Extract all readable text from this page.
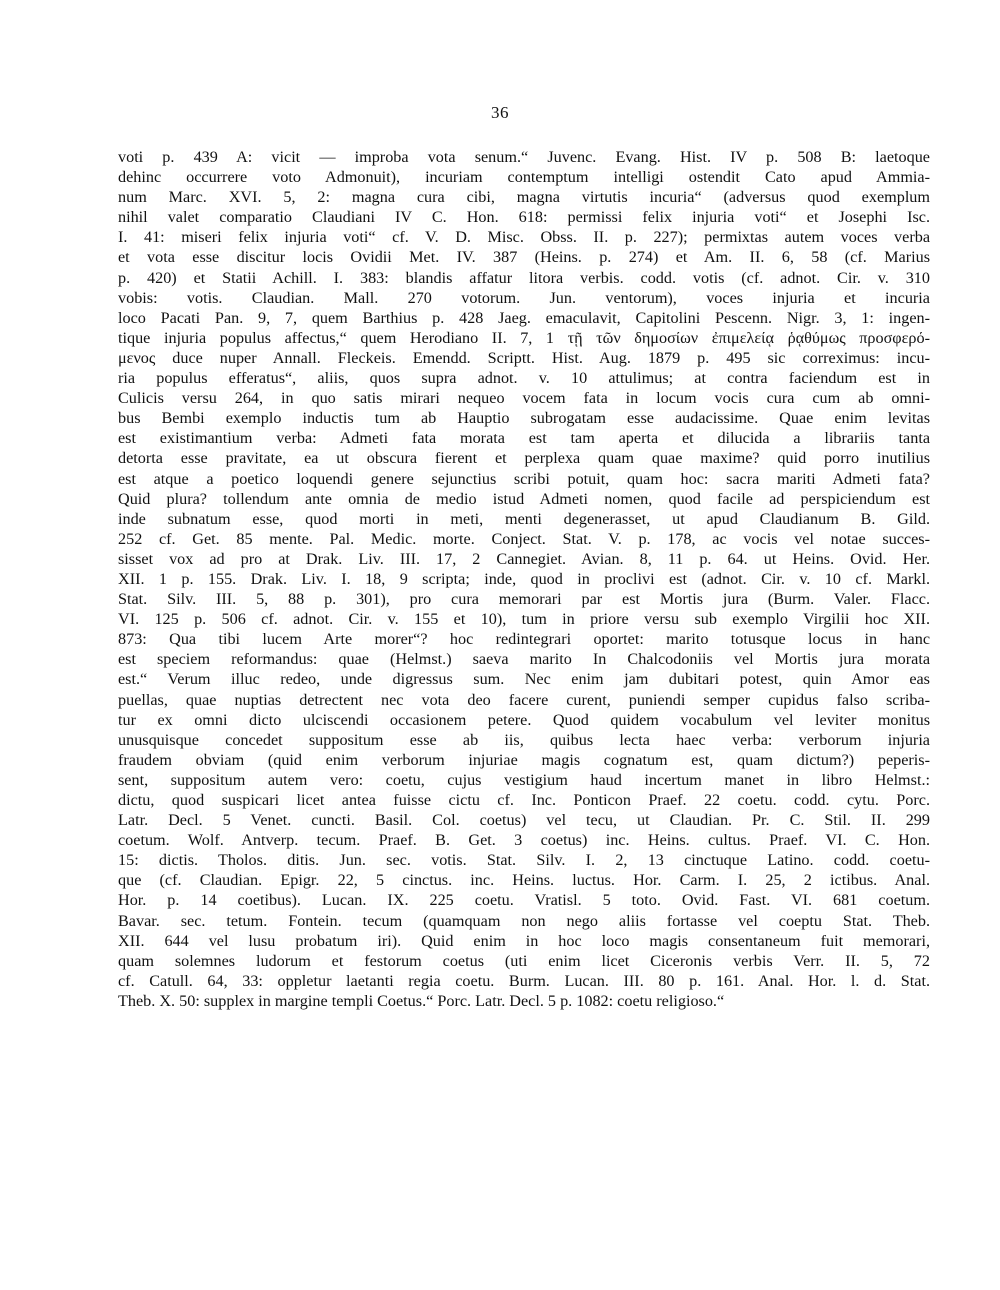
36
voti p. 439 A: vicit — improba vota senum.“ Juvenc. Evang. Hist. IV p. 508 B: laetoque
dehinc occurrere voto Admonuit), incuriam contemptum intelligi ostendit Cato apud Ammia-
num Marc. XVI. 5, 2: magna cura cibi, magna virtutis incuria“ (adversus quod exemplum
nihil valet comparatio Claudiani IV C. Hon. 618: permissi felix injuria voti“ et Josephi Isc.
I. 41: miseri felix injuria voti“ cf. V. D. Misc. Obss. II. p. 227); permixtas autem voces verba
et vota esse discitur locis Ovidii Met. IV. 387 (Heins. p. 274) et Am. II. 6, 58 (cf. Marius
p. 420) et Statii Achill. I. 383: blandis affatur litora verbis. codd. votis (cf. adnot. Cir. v. 310
vobis: votis. Claudian. Mall. 270 votorum. Jun. ventorum), voces injuria et incuria
loco Pacati Pan. 9, 7, quem Barthius p. 428 Jaeg. emaculavit, Capitolini Pescenn. Nigr. 3, 1: ingen-
tique injuria populus affectus,“ quem Herodiano II. 7, 1 τῇ τῶν δημοσίων ἐπιμελείᾳ ῥᾳθύμως προσφερό-
μενος duce nuper Annall. Fleckeis. Emendd. Scriptt. Hist. Aug. 1879 p. 495 sic correximus: incu-
ria populus efferatus“, aliis, quos supra adnot. v. 10 attulimus; at contra faciendum est in
Culicis versu 264, in quo satis mirari nequeo vocem fata in locum vocis cura cum ab omni-
bus Bembi exemplo inductis tum ab Hauptio subrogatam esse audacissime. Quae enim levitas
est existimantium verba: Admeti fata morata est tam aperta et dilucida a librariis tanta
detorta esse pravitate, ea ut obscura fierent et perplexa quam quae maxime? quid porro inutilius
est atque a poetico loquendi genere sejunctius scribi potuit, quam hoc: sacra mariti Admeti fata?
Quid plura? tollendum ante omnia de medio istud Admeti nomen, quod facile ad perspiciendum est
inde subnatum esse, quod morti in meti, menti degenerasset, ut apud Claudianum B. Gild.
252 cf. Get. 85 mente. Pal. Medic. morte. Conject. Stat. V. p. 178, ac vocis vel notae succes-
sisset vox ad pro at Drak. Liv. III. 17, 2 Cannegiet. Avian. 8, 11 p. 64. ut Heins. Ovid. Her.
XII. 1 p. 155. Drak. Liv. I. 18, 9 scripta; inde, quod in proclivi est (adnot. Cir. v. 10 cf. Markl.
Stat. Silv. III. 5, 88 p. 301), pro cura memorari par est Mortis jura (Burm. Valer. Flacc.
VI. 125 p. 506 cf. adnot. Cir. v. 155 et 10), tum in priore versu sub exemplo Virgilii hoc XII.
873: Qua tibi lucem Arte morer“? hoc redintegrari oportet: marito totusque locus in hanc
est speciem reformandus: quae (Helmst.) saeva marito In Chalcodoniis vel Mortis jura morata
est.“ Verum illuc redeo, unde digressus sum. Nec enim jam dubitari potest, quin Amor eas
puellas, quae nuptias detrectent nec vota deo facere curent, puniendi semper cupidus falso scriba-
tur ex omni dicto ulciscendi occasionem petere. Quod quidem vocabulum vel leviter monitus
unusquisque concedet suppositum esse ab iis, quibus lecta haec verba: verborum injuria
fraudem obviam (quid enim verborum injuriae magis cognatum est, quam dictum?) peperis-
sent, suppositum autem vero: coetu, cujus vestigium haud incertum manet in libro Helmst.:
dictu, quod suspicari licet antea fuisse cictu cf. Inc. Ponticon Praef. 22 coetu. codd. cytu. Porc.
Latr. Decl. 5 Venet. cuncti. Basil. Col. coetus) vel tecu, ut Claudian. Pr. C. Stil. II. 299
coetum. Wolf. Antverp. tecum. Praef. B. Get. 3 coetus) inc. Heins. cultus. Praef. VI. C. Hon.
15: dictis. Tholos. ditis. Jun. sec. votis. Stat. Silv. I. 2, 13 cinctuque Latino. codd. coetu-
que (cf. Claudian. Epigr. 22, 5 cinctus. inc. Heins. luctus. Hor. Carm. I. 25, 2 ictibus. Anal.
Hor. p. 14 coetibus). Lucan. IX. 225 coetu. Vratisl. 5 toto. Ovid. Fast. VI. 681 coetum.
Bavar. sec. tetum. Fontein. tecum (quamquam non nego aliis fortasse vel coeptu Stat. Theb.
XII. 644 vel lusu probatum iri). Quid enim in hoc loco magis consentaneum fuit memorari,
quam solemnes ludorum et festorum coetus (uti enim licet Ciceronis verbis Verr. II. 5, 72
cf. Catull. 64, 33: oppletur laetanti regia coetu. Burm. Lucan. III. 80 p. 161. Anal. Hor. l. d. Stat.
Theb. X. 50: supplex in margine templi Coetus.“ Porc. Latr. Decl. 5 p. 1082: coetu religioso.“
